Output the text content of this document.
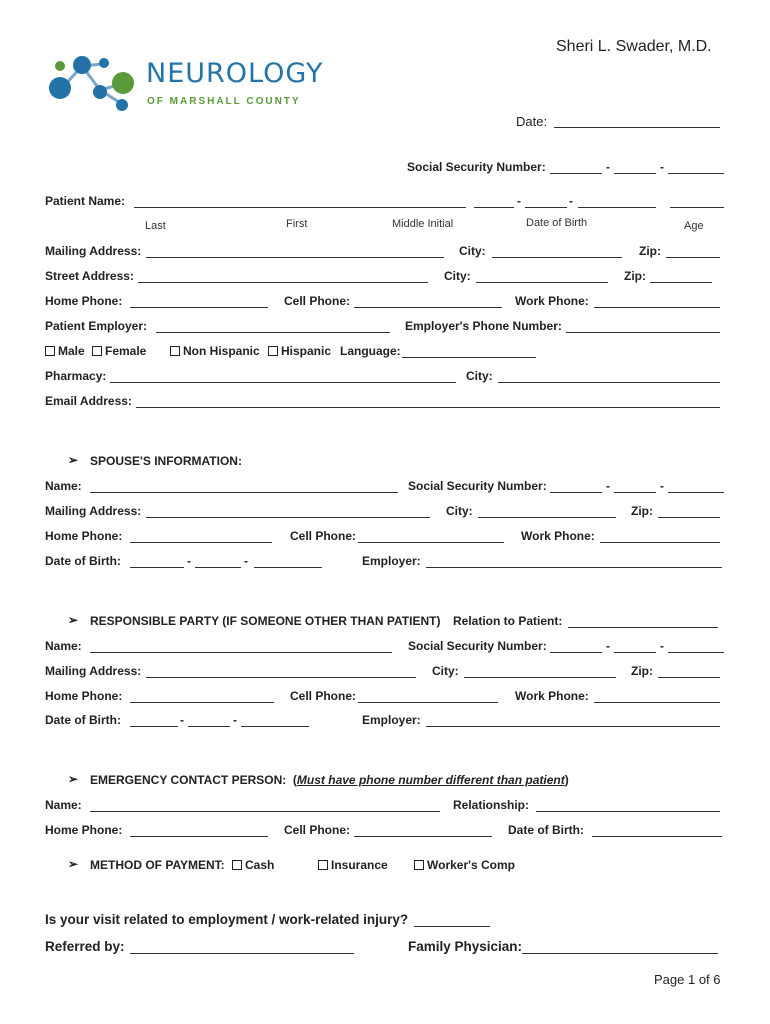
Sheri L. Swader, M.D.
NEUROLOGY
OF MARSHALL COUNTY
Date:
Social Security Number:	-	-
Patient Name:	-	-
Last	First	Middle Initial	Date of Birth	Age
Mailing Address:	City:	Zip:
Street Address:	City:	Zip:
Home Phone:	Cell Phone:	Work Phone:
Patient Employer:	Employer's Phone Number:
Male	Female	Non Hispanic	Hispanic Language:
Pharmacy:	City:
Email Address:
➢ SPOUSE'S INFORMATION:
Name:	Social Security Number:	-	-
Mailing Address:	City:	Zip:
Home Phone:	Cell Phone:	Work Phone:
Date of Birth:	-	-	Employer:
➢ RESPONSIBLE PARTY (IF SOMEONE OTHER THAN PATIENT) Relation to Patient:
Name:	Social Security Number:	-	-
Mailing Address:	City:	Zip:
Home Phone:	Cell Phone:	Work Phone:
Date of Birth:	-	-	Employer:
➢ EMERGENCY CONTACT PERSON:  (Must have phone number different than patient)
Name:	Relationship:
Home Phone:	Cell Phone:	Date of Birth:
➢ METHOD OF PAYMENT:	Cash	Insurance	Worker's Comp
Is your visit related to employment / work-related injury?
Referred by:	Family Physician:
Page 1 of 6
